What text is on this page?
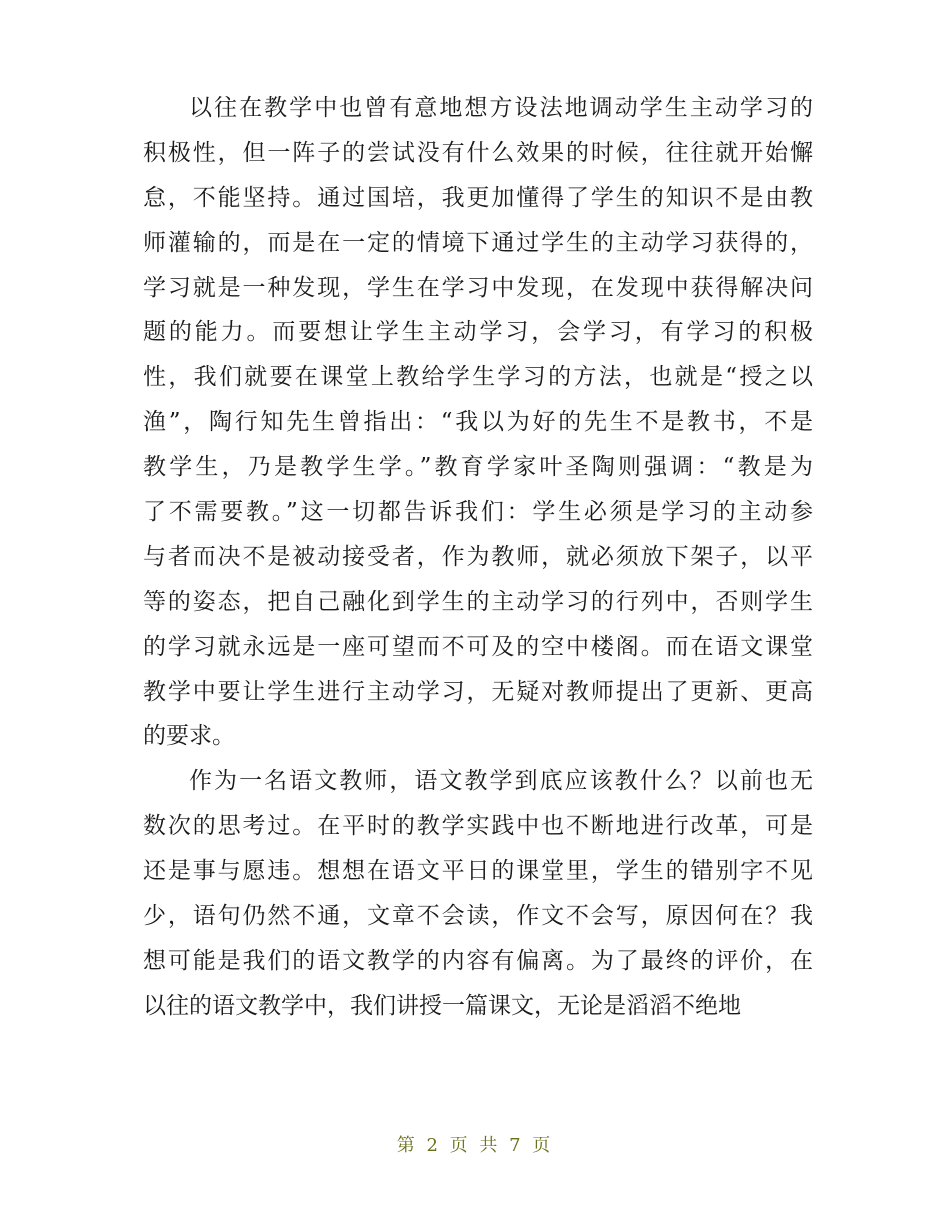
以往在教学中也曾有意地想方设法地调动学生主动学习的
积极性，但一阵子的尝试没有什么效果的时候，往往就开始懈
怠，不能坚持。通过国培，我更加懂得了学生的知识不是由教
师灌输的，而是在一定的情境下通过学生的主动学习获得的，
学习就是一种发现，学生在学习中发现，在发现中获得解决问
题的能力。而要想让学生主动学习，会学习，有学习的积极
性，我们就要在课堂上教给学生学习的方法，也就是“授之以
渔”，陶行知先生曾指出：“我以为好的先生不是教书，不是
教学生，乃是教学生学。”教育学家叶圣陶则强调：“教是为
了不需要教。”这一切都告诉我们：学生必须是学习的主动参
与者而决不是被动接受者，作为教师，就必须放下架子，以平
等的姿态，把自己融化到学生的主动学习的行列中，否则学生
的学习就永远是一座可望而不可及的空中楼阁。而在语文课堂
教学中要让学生进行主动学习，无疑对教师提出了更新、更高
的要求。
作为一名语文教师，语文教学到底应该教什么？以前也无
数次的思考过。在平时的教学实践中也不断地进行改革，可是
还是事与愿违。想想在语文平日的课堂里，学生的错别字不见
少，语句仍然不通，文章不会读，作文不会写，原因何在？我
想可能是我们的语文教学的内容有偏离。为了最终的评价，在
以往的语文教学中，我们讲授一篇课文，无论是滔滔不绝地
第 2 页 共 7 页
